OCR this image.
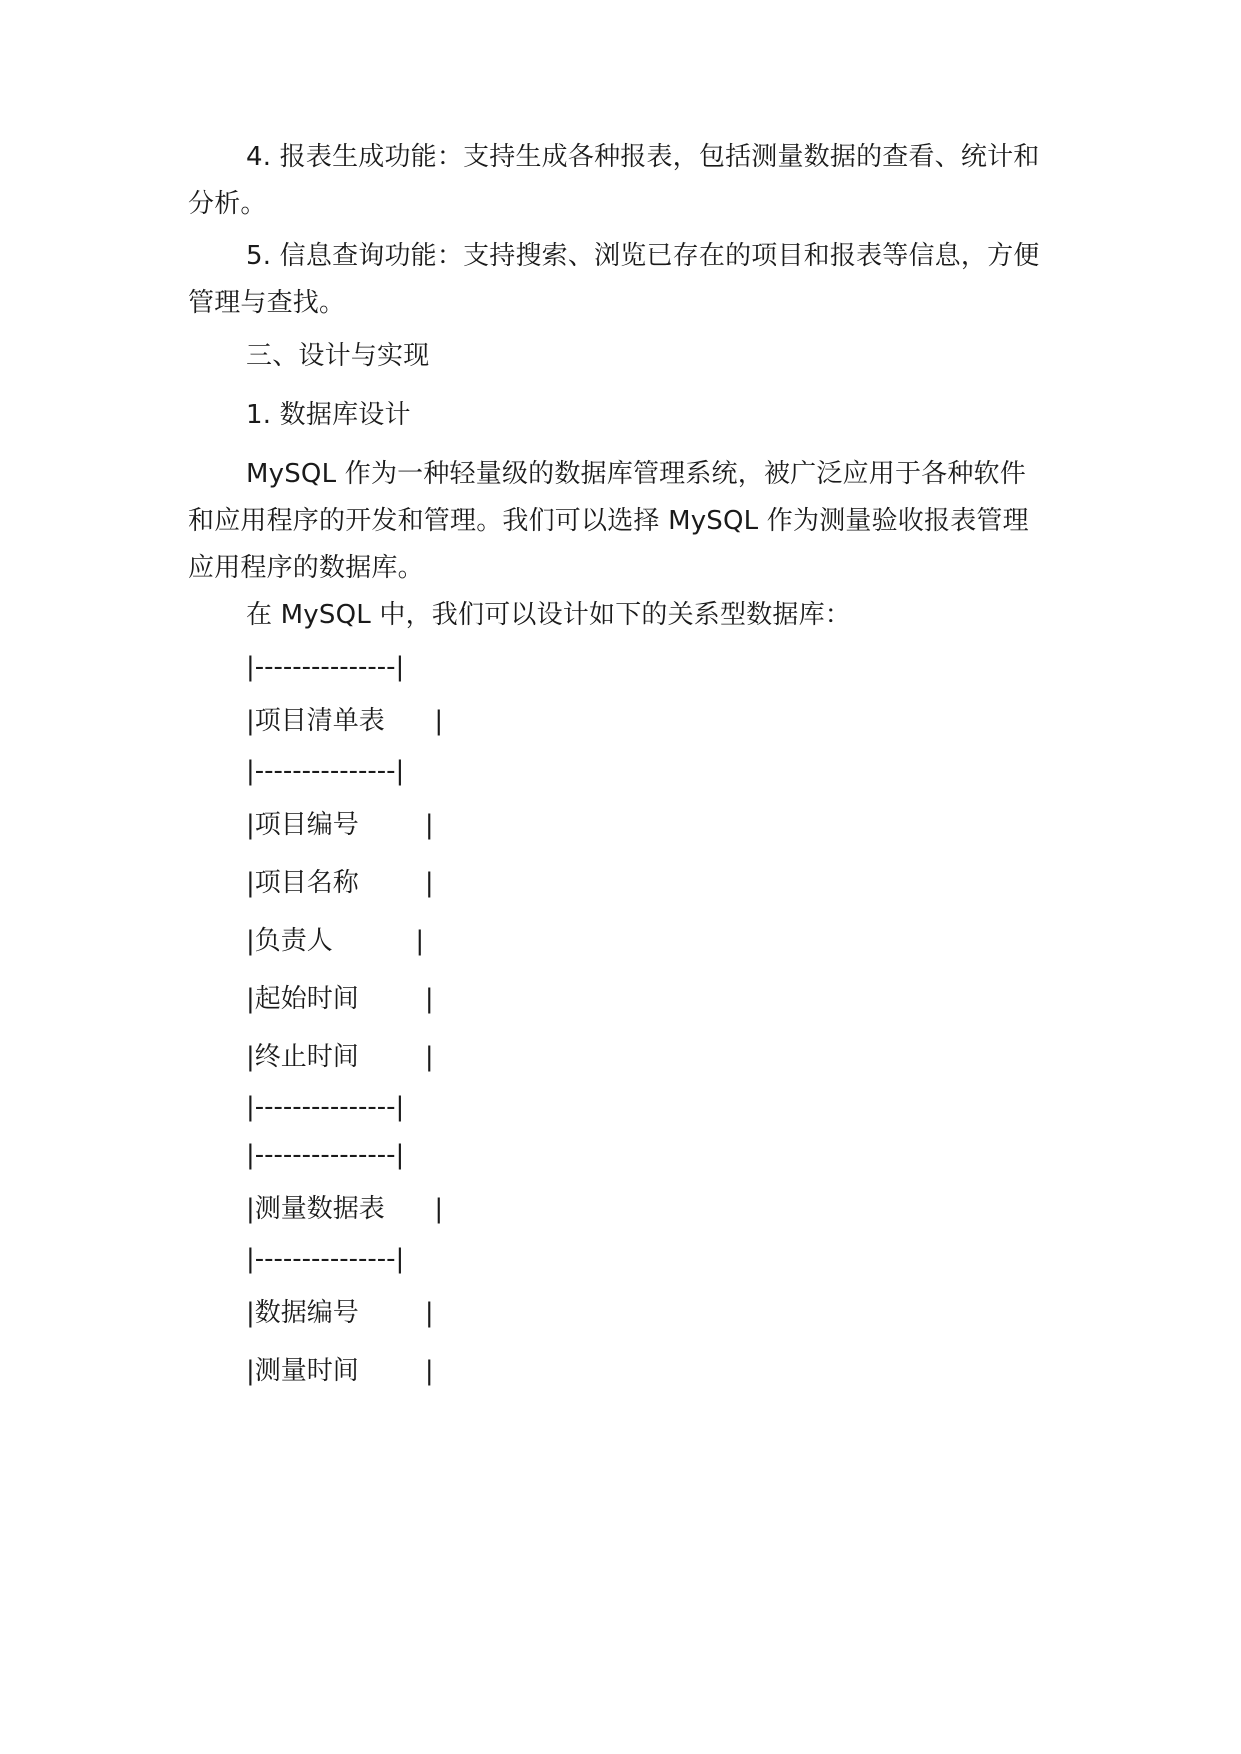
4. 报表生成功能：支持生成各种报表，包括测量数据的查看、统计和分析。

5. 信息查询功能：支持搜索、浏览已存在的项目和报表等信息，方便管理与查找。

三、设计与实现

1. 数据库设计

MySQL 作为一种轻量级的数据库管理系统，被广泛应用于各种软件和应用程序的开发和管理。我们可以选择 MySQL 作为测量验收报表管理应用程序的数据库。

在 MySQL 中，我们可以设计如下的关系型数据库：

|---------------|
|项目清单表      |
|---------------|
|项目编号        |
|项目名称        |
|负责人          |
|起始时间        |
|终止时间        |
|---------------|
|---------------|
|测量数据表      |
|---------------|
|数据编号        |
|测量时间        |
